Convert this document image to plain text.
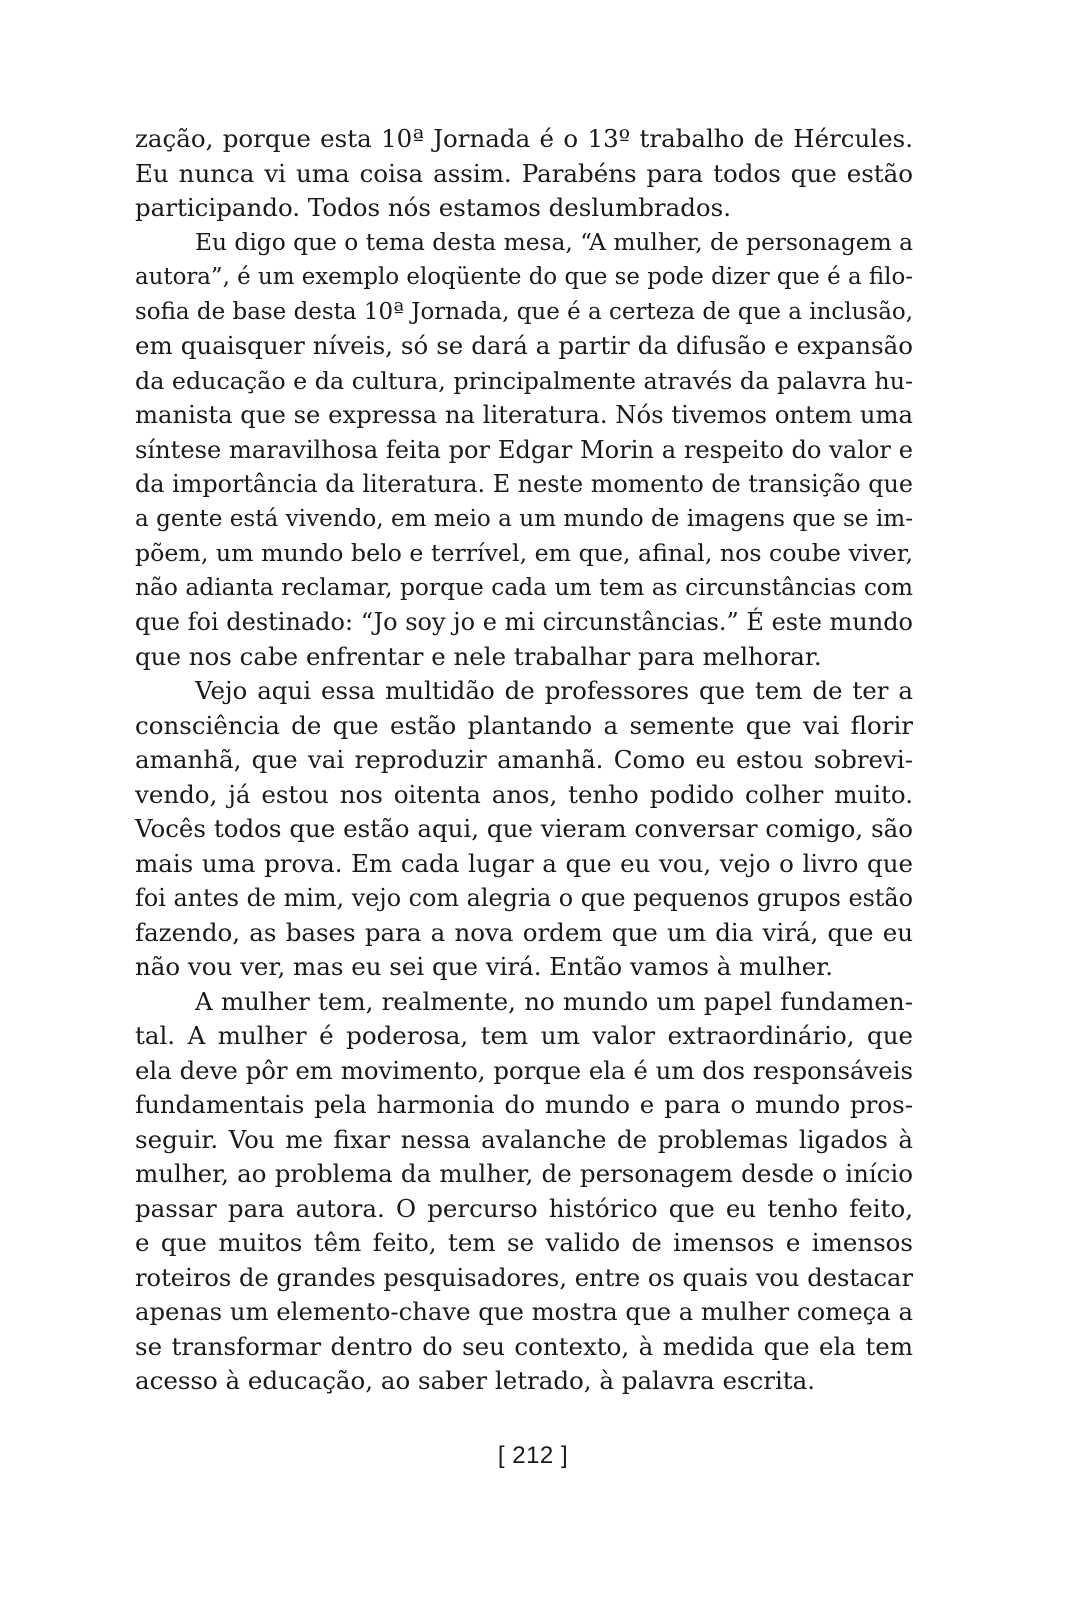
zação, porque esta 10ª Jornada é o 13º trabalho de Hércules.
Eu nunca vi uma coisa assim. Parabéns para todos que estão
participando. Todos nós estamos deslumbrados.
Eu digo que o tema desta mesa, “A mulher, de personagem a
autora”, é um exemplo eloqüente do que se pode dizer que é a filo-
sofia de base desta 10ª Jornada, que é a certeza de que a inclusão,
em quaisquer níveis, só se dará a partir da difusão e expansão
da educação e da cultura, principalmente através da palavra hu-
manista que se expressa na literatura. Nós tivemos ontem uma
síntese maravilhosa feita por Edgar Morin a respeito do valor e
da importância da literatura. E neste momento de transição que
a gente está vivendo, em meio a um mundo de imagens que se im-
põem, um mundo belo e terrível, em que, afinal, nos coube viver,
não adianta reclamar, porque cada um tem as circunstâncias com
que foi destinado: “Jo soy jo e mi circunstâncias.” É este mundo
que nos cabe enfrentar e nele trabalhar para melhorar.
Vejo aqui essa multidão de professores que tem de ter a
consciência de que estão plantando a semente que vai florir
amanhã, que vai reproduzir amanhã. Como eu estou sobrevi-
vendo, já estou nos oitenta anos, tenho podido colher muito.
Vocês todos que estão aqui, que vieram conversar comigo, são
mais uma prova. Em cada lugar a que eu vou, vejo o livro que
foi antes de mim, vejo com alegria o que pequenos grupos estão
fazendo, as bases para a nova ordem que um dia virá, que eu
não vou ver, mas eu sei que virá. Então vamos à mulher.
A mulher tem, realmente, no mundo um papel fundamen-
tal. A mulher é poderosa, tem um valor extraordinário, que
ela deve pôr em movimento, porque ela é um dos responsáveis
fundamentais pela harmonia do mundo e para o mundo pros-
seguir. Vou me fixar nessa avalanche de problemas ligados à
mulher, ao problema da mulher, de personagem desde o início
passar para autora. O percurso histórico que eu tenho feito,
e que muitos têm feito, tem se valido de imensos e imensos
roteiros de grandes pesquisadores, entre os quais vou destacar
apenas um elemento-chave que mostra que a mulher começa a
se transformar dentro do seu contexto, à medida que ela tem
acesso à educação, ao saber letrado, à palavra escrita.
[ 212 ]
